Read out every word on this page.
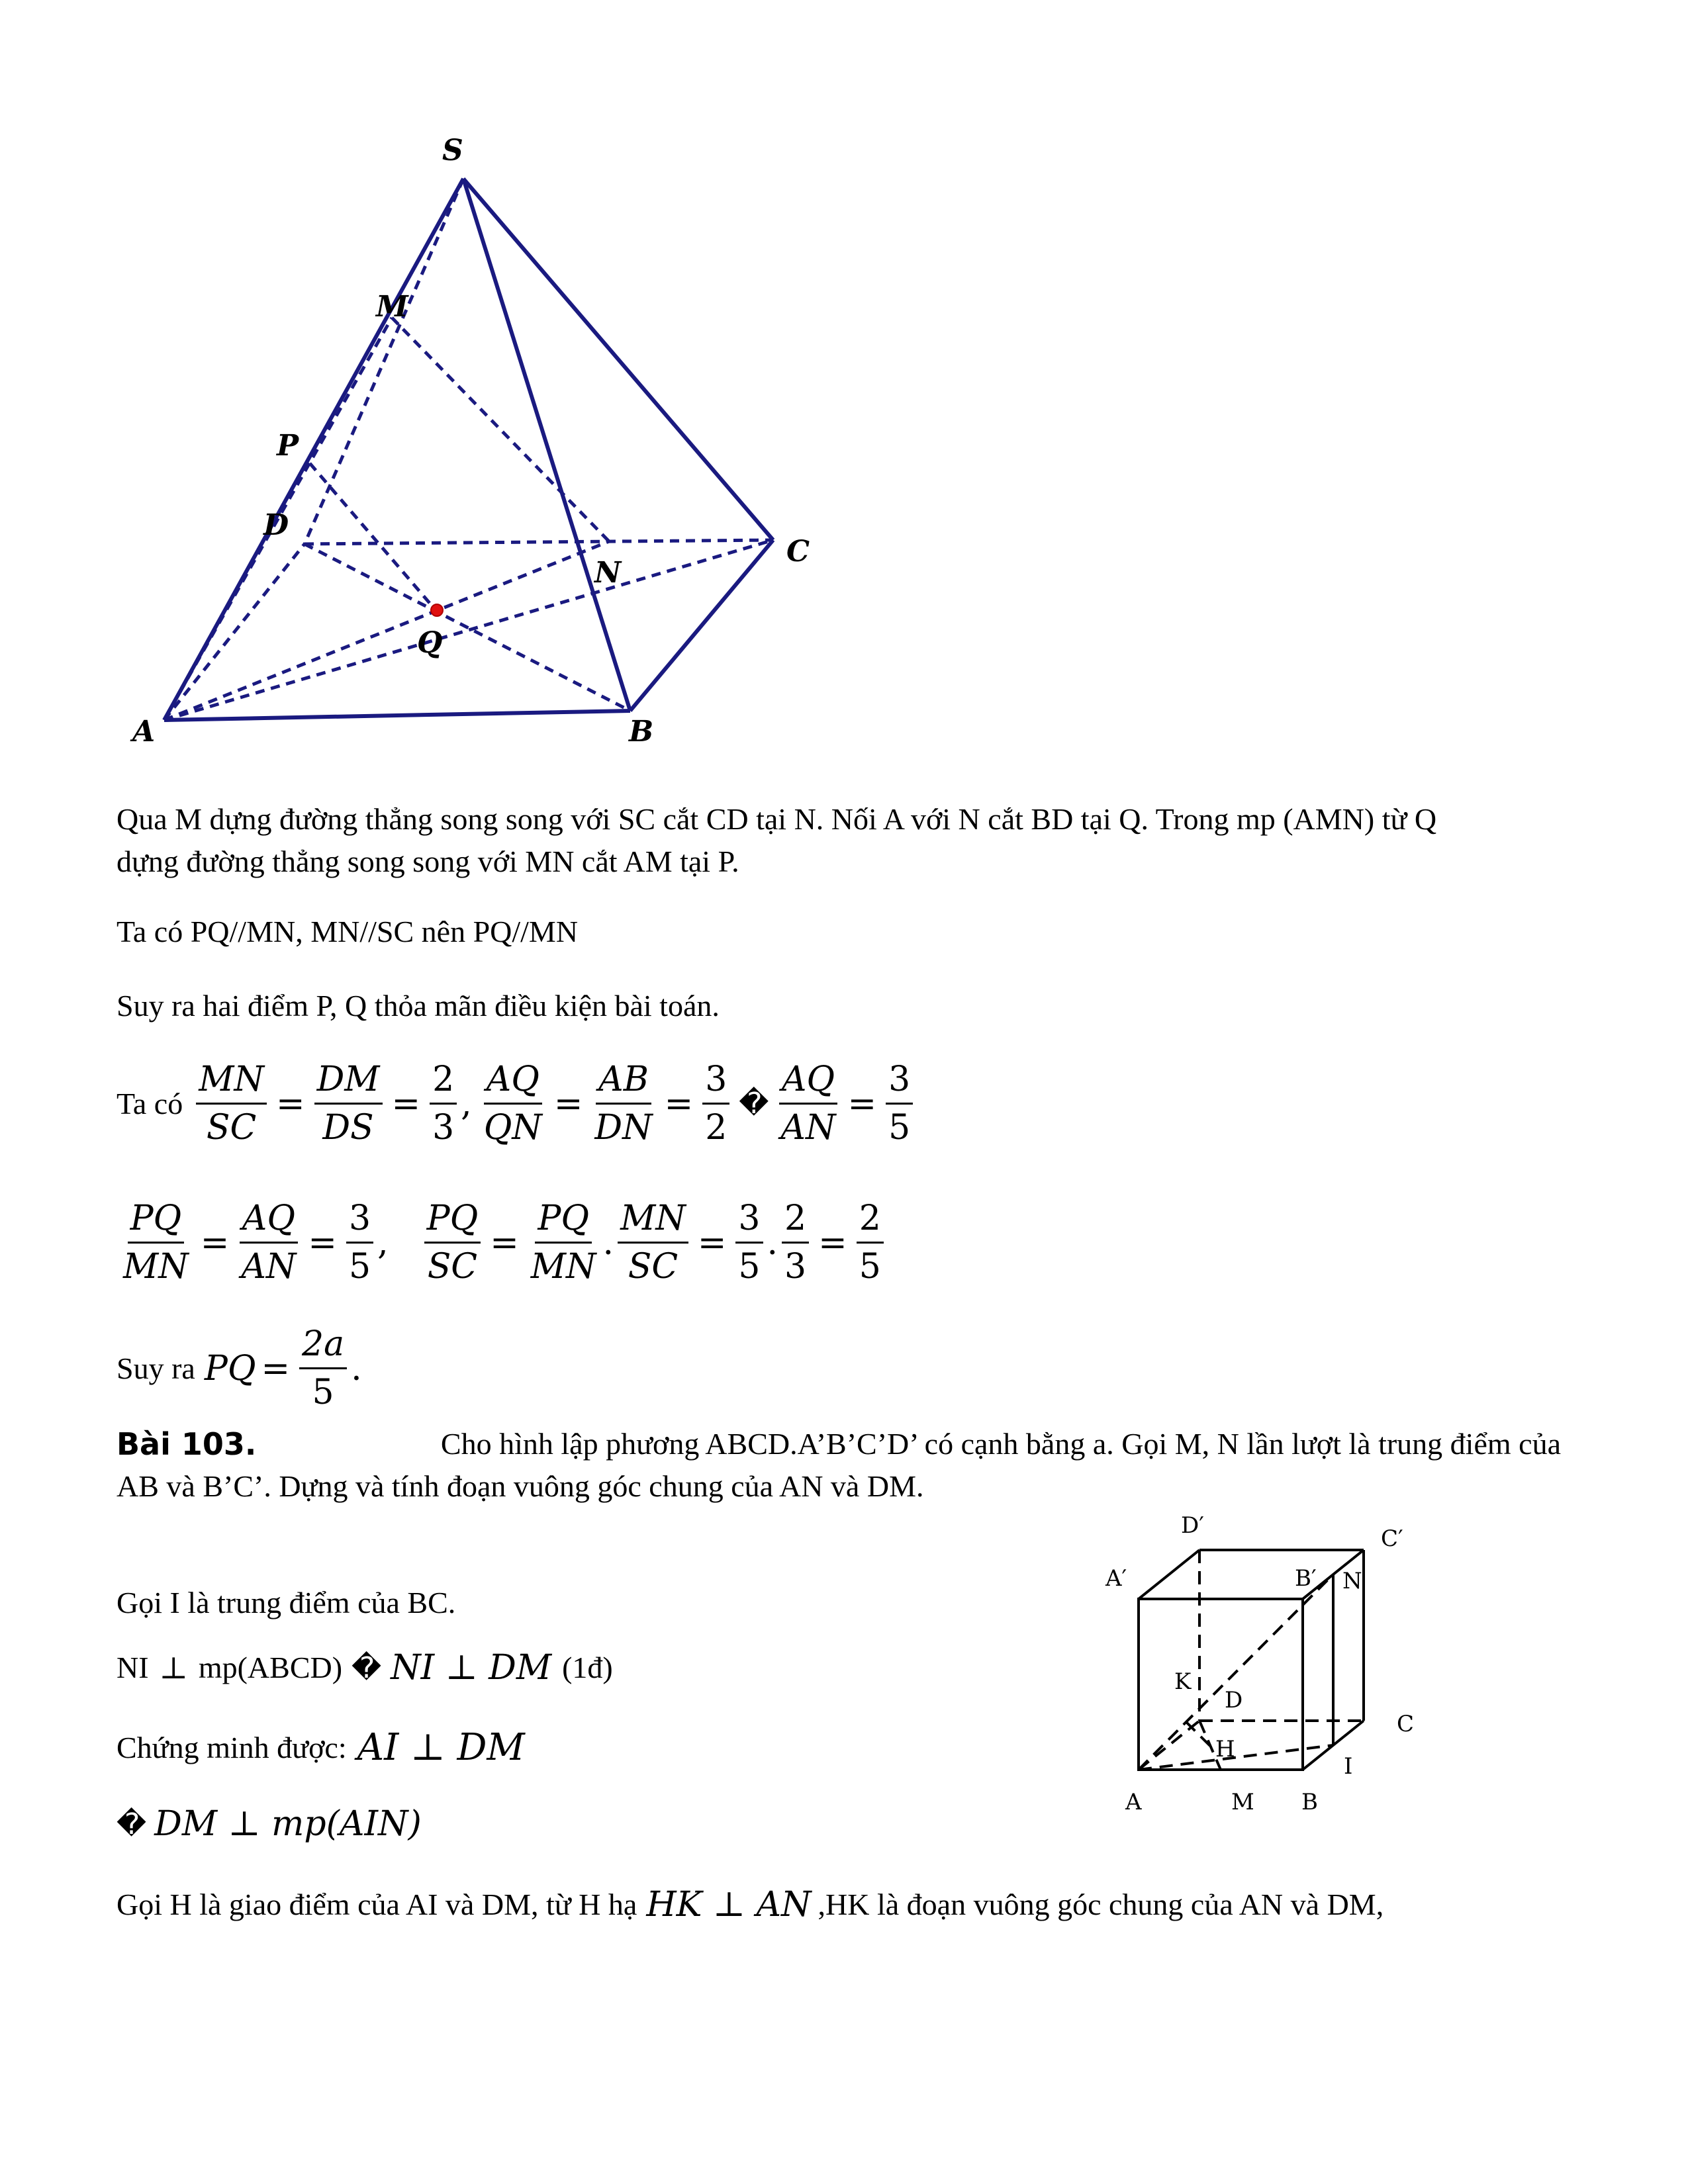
S
M
P
D
C
N
Q
A	B
Qua M dựng đường thẳng song song với SC cắt CD tại N. Nối A với N cắt BD tại Q. Trong mp (AMN) từ Q
dựng đường thẳng song song với MN cắt AM tại P.
Ta có PQ//MN, MN//SC nên PQ//MN
Suy ra hai điểm P, Q thỏa mãn điều kiện bài toán.
Ta có $\frac{MN}{SC} = \frac{DM}{DS} = \frac{2}{3}$ , $\frac{AQ}{QN} = \frac{AB}{DN} = \frac{3}{2}$ � $\frac{AQ}{AN} = \frac{3}{5}$
$\frac{PQ}{MN} = \frac{AQ}{AN} = \frac{3}{5}$ , $\frac{PQ}{SC} = \frac{PQ}{MN}$ . $\frac{MN}{SC} = \frac{3}{5}$ . $\frac{2}{3} = \frac{2}{5}$
Suy ra PQ = $\frac{2a}{5}$ .
Bài 103.	Cho hình lập phương ABCD.A’B’C’D’ có cạnh bằng a. Gọi M, N lần lượt là trung điểm của
AB và B’C’. Dựng và tính đoạn vuông góc chung của AN và DM.
D′	C′
A′	B′ N
K
D
C
H
I
A	M B
Gọi I là trung điểm của BC.
NI ⊥ mp(ABCD) � NI ⊥ DM (1đ)
Chứng minh được: AI ⊥ DM
� DM ⊥ mp(AIN)
Gọi H là giao điểm của AI và DM, từ H hạ HK ⊥ AN ,HK là đoạn vuông góc chung của AN và DM,
